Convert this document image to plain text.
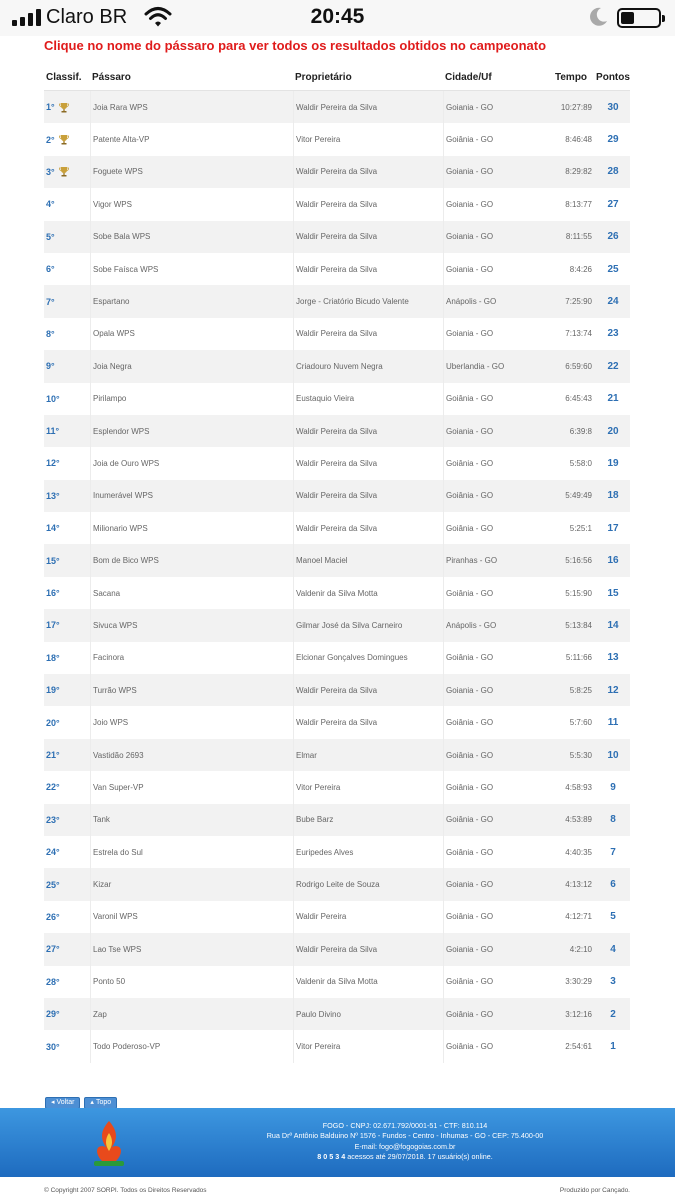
Claro BR	20:45
Clique no nome do pássaro para ver todos os resultados obtidos no campeonato
Classif.	Pássaro	Proprietário	Cidade/Uf	Tempo Pontos
1°	Joia Rara WPS	Waldir Pereira da Silva	Goiania - GO	10:27:89	30
2°	Patente Alta-VP	Vitor Pereira	Goiânia - GO	8:46:48	29
3°	Foguete WPS	Waldir Pereira da Silva	Goiania - GO	8:29:82	28
4°	Vigor WPS	Waldir Pereira da Silva	Goiania - GO	8:13:77	27
5°	Sobe Bala WPS	Waldir Pereira da Silva	Goiania - GO	8:11:55	26
6°	Sobe Faísca WPS	Waldir Pereira da Silva	Goiania - GO	8:4:26	25
7°	Espartano	Jorge - Criatório Bicudo Valente	Anápolis - GO	7:25:90	24
8°	Opala WPS	Waldir Pereira da Silva	Goiania - GO	7:13:74	23
9°	Joia Negra	Criadouro Nuvem Negra	Uberlandia - GO	6:59:60	22
10°	Pirilampo	Eustaquio Vieira	Goiânia - GO	6:45:43	21
11°	Esplendor WPS	Waldir Pereira da Silva	Goiania - GO	6:39:8	20
12°	Joia de Ouro WPS	Waldir Pereira da Silva	Goiânia - GO	5:58:0	19
13°	Inumerável WPS	Waldir Pereira da Silva	Goiânia - GO	5:49:49	18
14°	Milionario WPS	Waldir Pereira da Silva	Goiânia - GO	5:25:1	17
15°	Bom de Bico WPS	Manoel Maciel	Piranhas - GO	5:16:56	16
16°	Sacana	Valdenir da Silva Motta	Goiânia - GO	5:15:90	15
17°	Sivuca WPS	Gilmar José da Silva Carneiro	Anápolis - GO	5:13:84	14
18°	Facinora	Elcionar Gonçalves Domingues	Goiânia - GO	5:11:66	13
19°	Turrão WPS	Waldir Pereira da Silva	Goiania - GO	5:8:25	12
20°	Joio WPS	Waldir Pereira da Silva	Goiânia - GO	5:7:60	11
21°	Vastidão 2693	Elmar	Goiânia - GO	5:5:30	10
22°	Van Super-VP	Vitor Pereira	Goiânia - GO	4:58:93	9
23°	Tank	Bube Barz	Goiânia - GO	4:53:89	8
24°	Estrela do Sul	Euripedes Alves	Goiânia - GO	4:40:35	7
25°	Kizar	Rodrigo Leite de Souza	Goiania - GO	4:13:12	6
26°	Varonil WPS	Waldir Pereira	Goiânia - GO	4:12:71	5
27°	Lao Tse WPS	Waldir Pereira da Silva	Goiania - GO	4:2:10	4
28°	Ponto 50	Valdenir da Silva Motta	Goiânia - GO	3:30:29	3
29°	Zap	Paulo Divino	Goiânia - GO	3:12:16	2
30°	Todo Poderoso-VP	Vitor Pereira	Goiânia - GO	2:54:61	1
◂ Voltar ▴ Topo
FOGO - CNPJ: 02.671.792/0001-51 - CTF: 810.114
Rua Drº Antônio Balduino Nº 1576 - Fundos - Centro - Inhumas - GO - CEP: 75.400-00
E-mail: fogo@fogogoias.com.br
8 0 5 3 4 acessos até 29/07/2018. 17 usuário(s) online.
© Copyright 2007 SORPI. Todos os Direitos Reservados	Produzido por Cançado.
